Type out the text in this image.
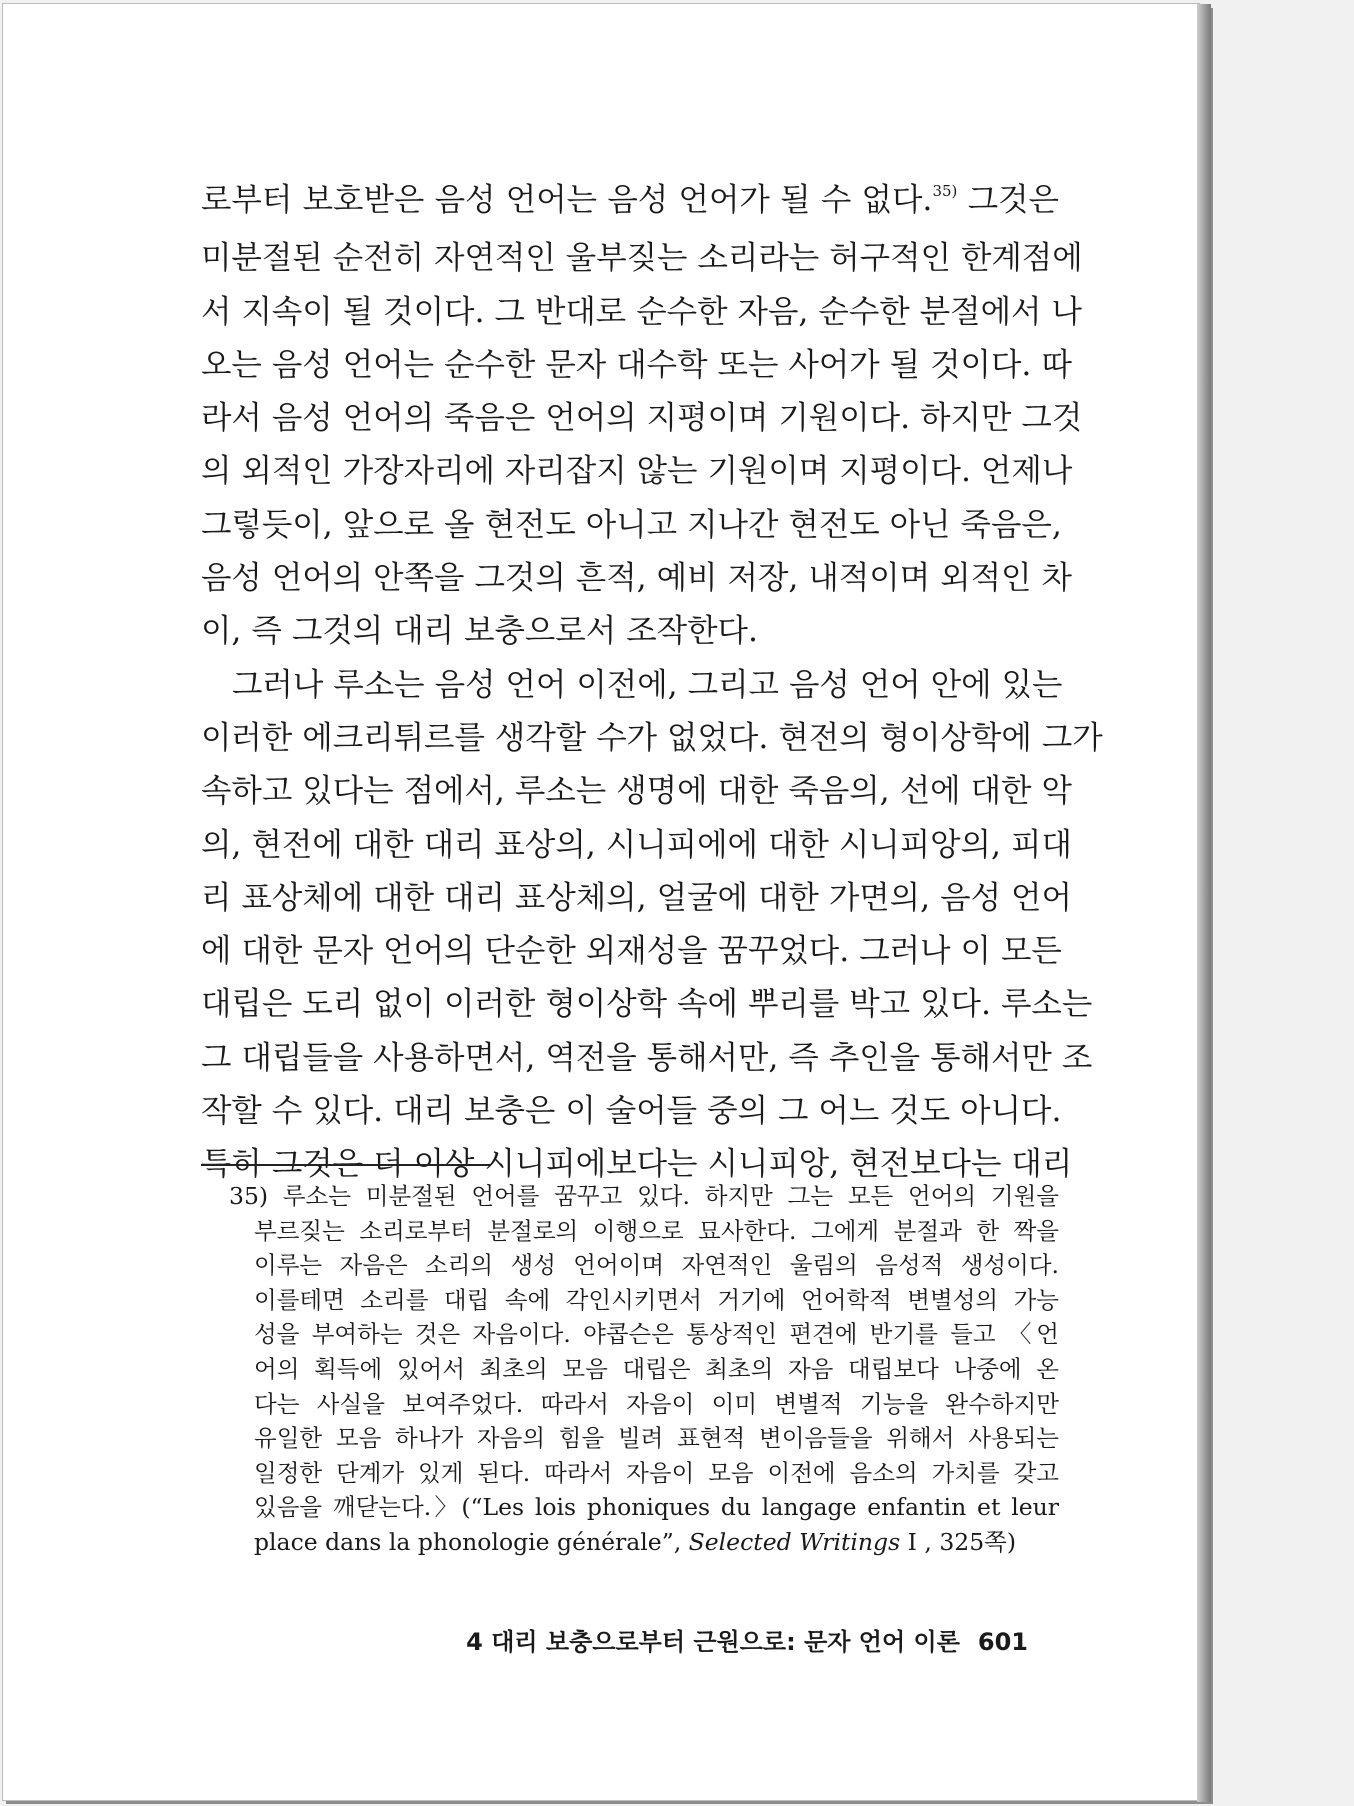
로부터 보호받은 음성 언어는 음성 언어가 될 수 없다.$^{35)}$ 그것은
미분절된 순전히 자연적인 울부짖는 소리라는 허구적인 한계점에
서 지속이 될 것이다. 그 반대로 순수한 자음, 순수한 분절에서 나
오는 음성 언어는 순수한 문자 대수학 또는 사어가 될 것이다. 따
라서 음성 언어의 죽음은 언어의 지평이며 기원이다. 하지만 그것
의 외적인 가장자리에 자리잡지 않는 기원이며 지평이다. 언제나
그렇듯이, 앞으로 올 현전도 아니고 지나간 현전도 아닌 죽음은,
음성 언어의 안쪽을 그것의 흔적, 예비 저장, 내적이며 외적인 차
이, 즉 그것의 대리 보충으로서 조작한다.
그러나 루소는 음성 언어 이전에, 그리고 음성 언어 안에 있는
이러한 에크리튀르를 생각할 수가 없었다. 현전의 형이상학에 그가
속하고 있다는 점에서, 루소는 생명에 대한 죽음의, 선에 대한 악
의, 현전에 대한 대리 표상의, 시니피에에 대한 시니피앙의, 피대
리 표상체에 대한 대리 표상체의, 얼굴에 대한 가면의, 음성 언어
에 대한 문자 언어의 단순한 외재성을 꿈꾸었다. 그러나 이 모든
대립은 도리 없이 이러한 형이상학 속에 뿌리를 박고 있다. 루소는
그 대립들을 사용하면서, 역전을 통해서만, 즉 추인을 통해서만 조
작할 수 있다. 대리 보충은 이 술어들 중의 그 어느 것도 아니다.
특히 그것은 더 이상 시니피에보다는 시니피앙, 현전보다는 대리
35) 루소는 미분절된 언어를 꿈꾸고 있다. 하지만 그는 모든 언어의 기원을
부르짖는 소리로부터 분절로의 이행으로 묘사한다. 그에게 분절과 한 짝을
이루는 자음은 소리의 생성 언어이며 자연적인 울림의 음성적 생성이다.
이를테면 소리를 대립 속에 각인시키면서 거기에 언어학적 변별성의 가능
성을 부여하는 것은 자음이다. 야콥슨은 통상적인 편견에 반기를 들고 〈언
어의 획득에 있어서 최초의 모음 대립은 최초의 자음 대립보다 나중에 온
다는 사실을 보여주었다. 따라서 자음이 이미 변별적 기능을 완수하지만
유일한 모음 하나가 자음의 힘을 빌려 표현적 변이음들을 위해서 사용되는
일정한 단계가 있게 된다. 따라서 자음이 모음 이전에 음소의 가치를 갖고
있음을 깨닫는다.〉(“Les lois phoniques du langage enfantin et leur
place dans la phonologie générale”, Selected Writings I , 325쪽)
4 대리 보충으로부터 근원으로: 문자 언어 이론 601
